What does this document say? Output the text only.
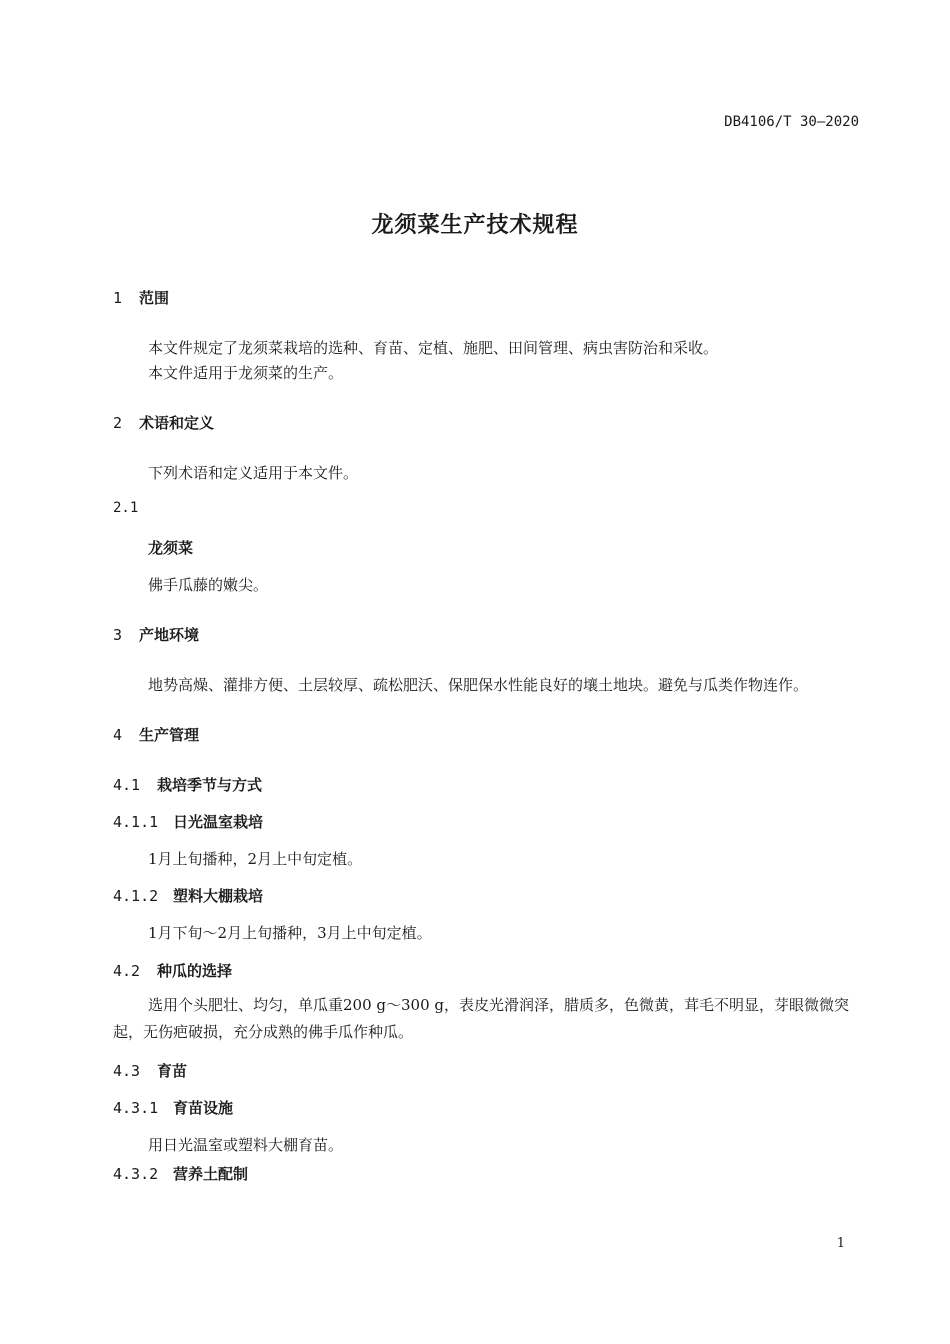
DB4106/T 30—2020
龙须菜生产技术规程
1 范围
本文件规定了龙须菜栽培的选种、育苗、定植、施肥、田间管理、病虫害防治和采收。
本文件适用于龙须菜的生产。
2 术语和定义
下列术语和定义适用于本文件。
2.1
龙须菜
佛手瓜藤的嫩尖。
3 产地环境
地势高燥、灌排方便、土层较厚、疏松肥沃、保肥保水性能良好的壤土地块。避免与瓜类作物连作。
4 生产管理
4.1 栽培季节与方式
4.1.1 日光温室栽培
1月上旬播种，2月上中旬定植。
4.1.2 塑料大棚栽培
1月下旬～2月上旬播种，3月上中旬定植。
4.2 种瓜的选择
选用个头肥壮、均匀，单瓜重200 g～300 g，表皮光滑润泽，腊质多，色微黄，茸毛不明显，芽眼微微突起，无伤疤破损，充分成熟的佛手瓜作种瓜。
4.3 育苗
4.3.1 育苗设施
用日光温室或塑料大棚育苗。
4.3.2 营养土配制
1
